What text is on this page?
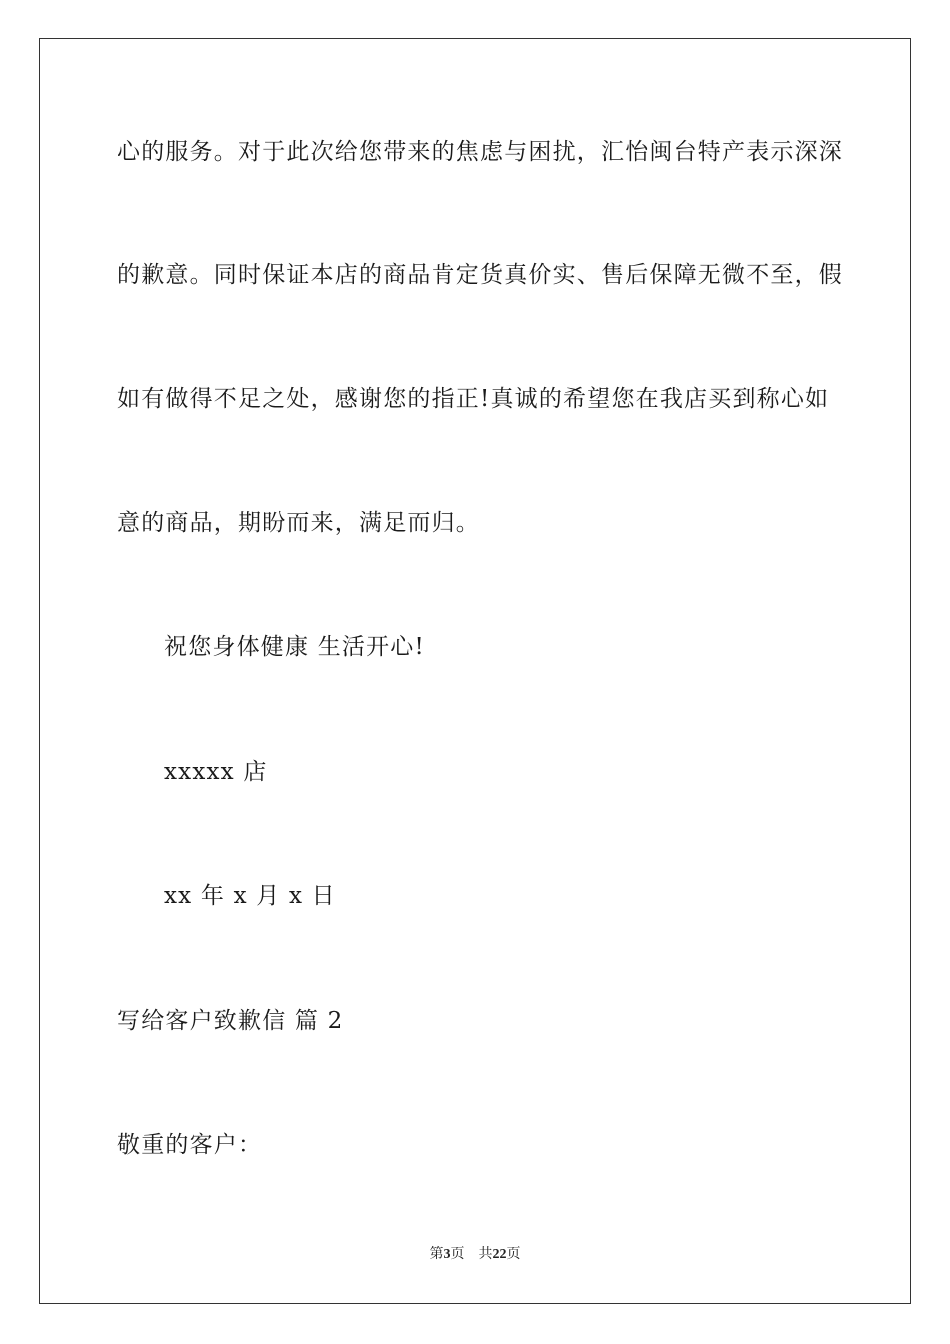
心的服务。对于此次给您带来的焦虑与困扰，汇怡闽台特产表示深深
的歉意。同时保证本店的商品肯定货真价实、售后保障无微不至，假
如有做得不足之处，感谢您的指正!真诚的希望您在我店买到称心如
意的商品，期盼而来，满足而归。
祝您身体健康 生活开心!
xxxxx 店
xx 年 x 月 x 日
写给客户致歉信 篇 2
敬重的客户：
第3页 共22页
